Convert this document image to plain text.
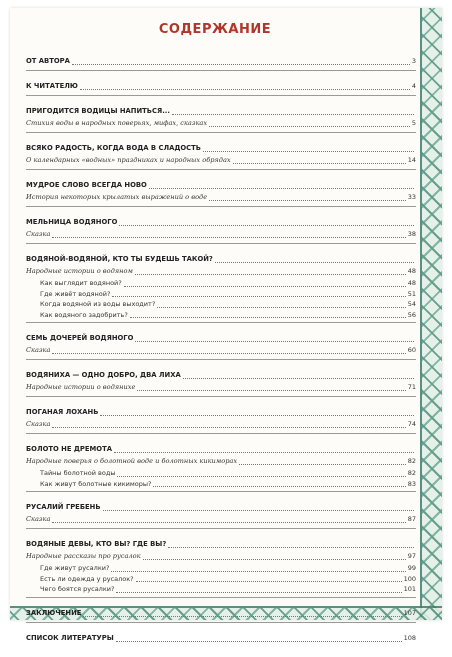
СОДЕРЖАНИЕ
ОТ АВТОРА	3
К ЧИТАТЕЛЮ	4
ПРИГОДИТСЯ ВОДИЦЫ НАПИТЬСЯ...
Стихия воды в народных поверьях, мифах, сказках	5
ВСЯКО РАДОСТЬ, КОГДА ВОДА В СЛАДОСТЬ
О календарных «водных» праздниках и народных обрядах	14
МУДРОЕ СЛОВО ВСЕГДА НОВО
История некоторых крылатых выражений о воде	33
МЕЛЬНИЦА ВОДЯНОГО
Сказка	38
ВОДЯНОЙ-ВОДЯНОЙ, КТО ТЫ БУДЕШЬ ТАКОЙ?
Народные истории о водяном	48
Как выглядит водяной?	48
Где живёт водяной?	51
Когда водяной из воды выходит?	54
Как водяного задобрить?	56
СЕМЬ ДОЧЕРЕЙ ВОДЯНОГО
Сказка	60
ВОДЯНИХА — ОДНО ДОБРО, ДВА ЛИХА
Народные истории о водянихе	71
ПОГАНАЯ ЛОХАНЬ
Сказка	74
БОЛОТО НЕ ДРЕМОТА
Народные поверья о болотной воде и болотных кикиморах	82
Тайны болотной воды	82
Как живут болотные кикиморы?	83
РУСАЛИЙ ГРЕБЕНЬ
Сказка	87
ВОДЯНЫЕ ДЕВЫ, КТО ВЫ? ГДЕ ВЫ?
Народные рассказы про русалок	97
Где живут русалки?	99
Есть ли одежда у русалок?	100
Чего боятся русалки?	101
ЗАКЛЮЧЕНИЕ	107
СПИСОК ЛИТЕРАТУРЫ	108
